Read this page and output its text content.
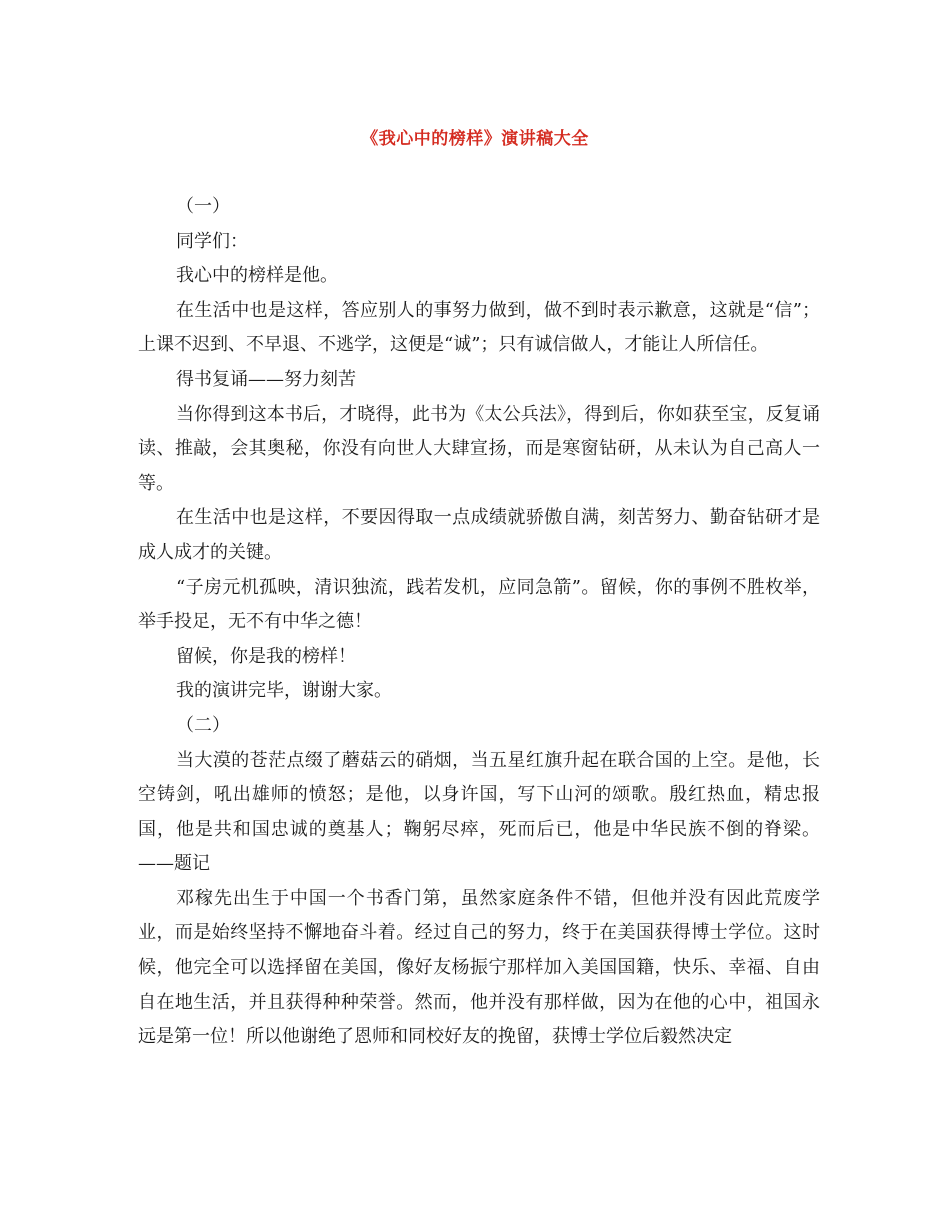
《我心中的榜样》演讲稿大全

（一）

同学们：

我心中的榜样是他。

在生活中也是这样，答应别人的事努力做到，做不到时表示歉意，这就是“信”；上课不迟到、不早退、不逃学，这便是“诚”；只有诚信做人，才能让人所信任。

得书复诵——努力刻苦

当你得到这本书后，才晓得，此书为《太公兵法》，得到后，你如获至宝，反复诵读、推敲，会其奥秘，你没有向世人大肆宣扬，而是寒窗钻研，从未认为自己高人一等。

在生活中也是这样，不要因得取一点成绩就骄傲自满，刻苦努力、勤奋钻研才是成人成才的关键。

“子房元机孤映，清识独流，践若发机，应同急箭”。留候，你的事例不胜枚举，举手投足，无不有中华之德！

留候，你是我的榜样！

我的演讲完毕，谢谢大家。

（二）

当大漠的苍茫点缀了蘑菇云的硝烟，当五星红旗升起在联合国的上空。是他，长空铸剑，吼出雄师的愤怒；是他，以身许国，写下山河的颂歌。殷红热血，精忠报国，他是共和国忠诚的奠基人；鞠躬尽瘁，死而后已，他是中华民族不倒的脊梁。——题记

邓稼先出生于中国一个书香门第，虽然家庭条件不错，但他并没有因此荒废学业，而是始终坚持不懈地奋斗着。经过自己的努力，终于在美国获得博士学位。这时候，他完全可以选择留在美国，像好友杨振宁那样加入美国国籍，快乐、幸福、自由自在地生活，并且获得种种荣誉。然而，他并没有那样做，因为在他的心中，祖国永远是第一位！所以他谢绝了恩师和同校好友的挽留，获博士学位后毅然决定
